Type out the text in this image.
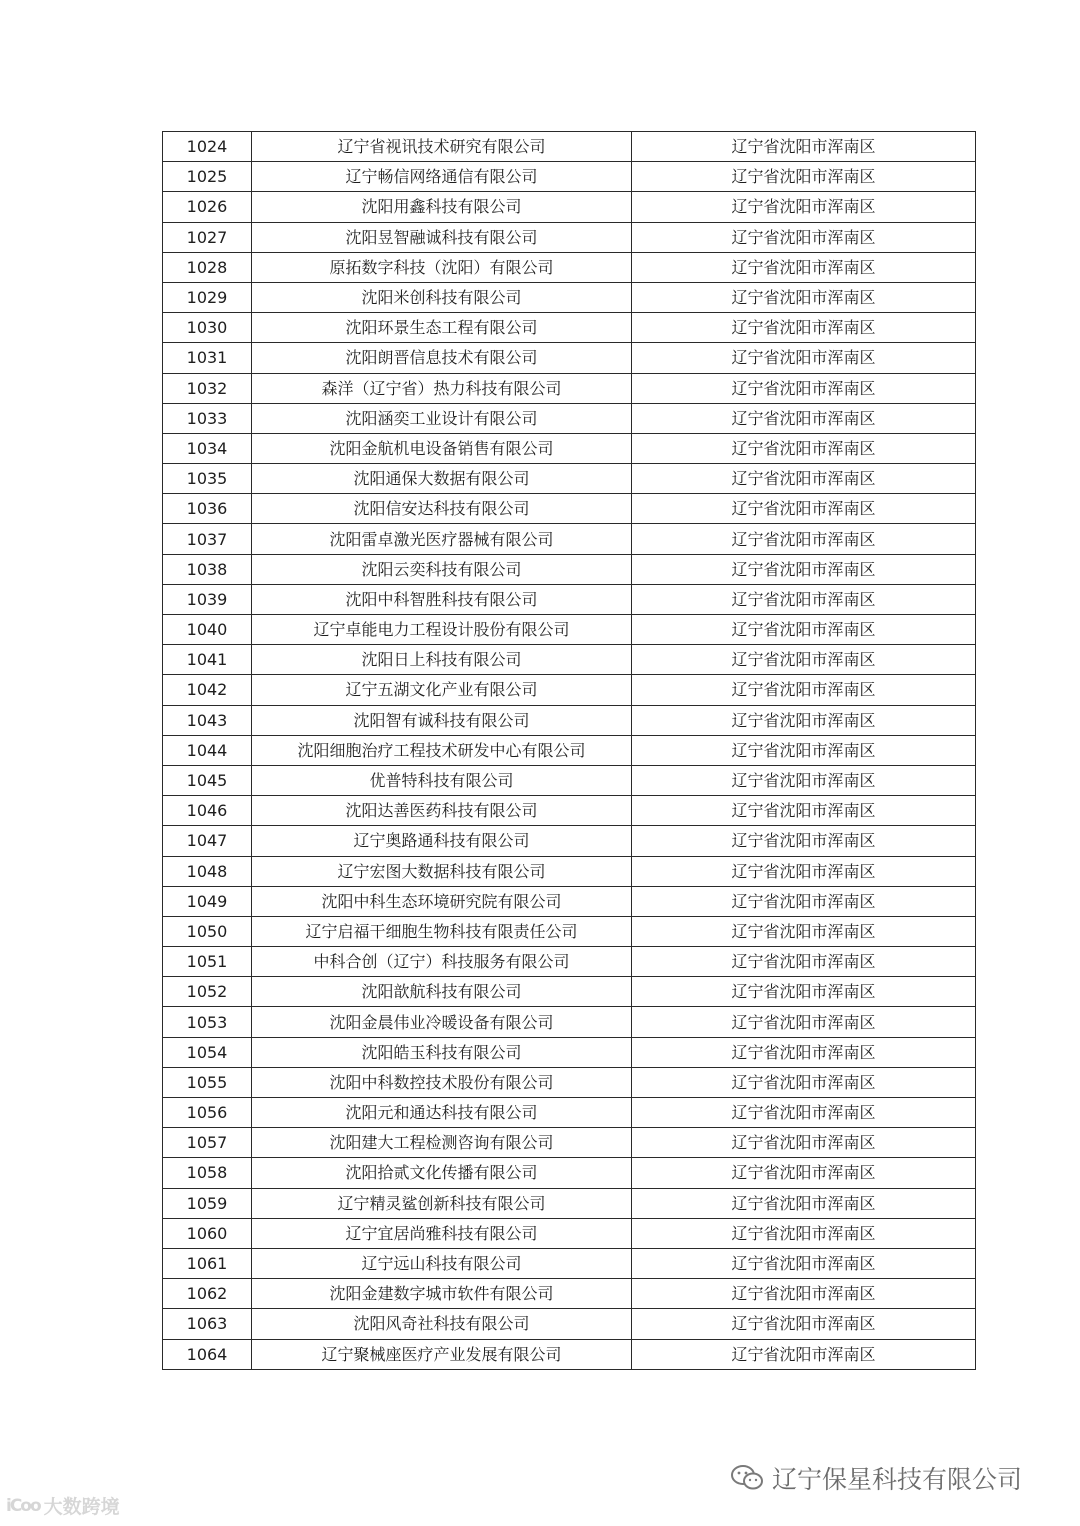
1024	辽宁省视讯技术研究有限公司	辽宁省沈阳市浑南区
1025	辽宁畅信网络通信有限公司	辽宁省沈阳市浑南区
1026	沈阳用鑫科技有限公司	辽宁省沈阳市浑南区
1027	沈阳昱智融诚科技有限公司	辽宁省沈阳市浑南区
1028	原拓数字科技（沈阳）有限公司	辽宁省沈阳市浑南区
1029	沈阳米创科技有限公司	辽宁省沈阳市浑南区
1030	沈阳环景生态工程有限公司	辽宁省沈阳市浑南区
1031	沈阳朗晋信息技术有限公司	辽宁省沈阳市浑南区
1032	森洋（辽宁省）热力科技有限公司	辽宁省沈阳市浑南区
1033	沈阳涵奕工业设计有限公司	辽宁省沈阳市浑南区
1034	沈阳金航机电设备销售有限公司	辽宁省沈阳市浑南区
1035	沈阳通保大数据有限公司	辽宁省沈阳市浑南区
1036	沈阳信安达科技有限公司	辽宁省沈阳市浑南区
1037	沈阳雷卓激光医疗器械有限公司	辽宁省沈阳市浑南区
1038	沈阳云奕科技有限公司	辽宁省沈阳市浑南区
1039	沈阳中科智胜科技有限公司	辽宁省沈阳市浑南区
1040	辽宁卓能电力工程设计股份有限公司	辽宁省沈阳市浑南区
1041	沈阳日上科技有限公司	辽宁省沈阳市浑南区
1042	辽宁五湖文化产业有限公司	辽宁省沈阳市浑南区
1043	沈阳智有诚科技有限公司	辽宁省沈阳市浑南区
1044	沈阳细胞治疗工程技术研发中心有限公司	辽宁省沈阳市浑南区
1045	优普特科技有限公司	辽宁省沈阳市浑南区
1046	沈阳达善医药科技有限公司	辽宁省沈阳市浑南区
1047	辽宁奥路通科技有限公司	辽宁省沈阳市浑南区
1048	辽宁宏图大数据科技有限公司	辽宁省沈阳市浑南区
1049	沈阳中科生态环境研究院有限公司	辽宁省沈阳市浑南区
1050	辽宁启福干细胞生物科技有限责任公司	辽宁省沈阳市浑南区
1051	中科合创（辽宁）科技服务有限公司	辽宁省沈阳市浑南区
1052	沈阳歆航科技有限公司	辽宁省沈阳市浑南区
1053	沈阳金晨伟业冷暖设备有限公司	辽宁省沈阳市浑南区
1054	沈阳皓玉科技有限公司	辽宁省沈阳市浑南区
1055	沈阳中科数控技术股份有限公司	辽宁省沈阳市浑南区
1056	沈阳元和通达科技有限公司	辽宁省沈阳市浑南区
1057	沈阳建大工程检测咨询有限公司	辽宁省沈阳市浑南区
1058	沈阳拾贰文化传播有限公司	辽宁省沈阳市浑南区
1059	辽宁精灵鲨创新科技有限公司	辽宁省沈阳市浑南区
1060	辽宁宜居尚雅科技有限公司	辽宁省沈阳市浑南区
1061	辽宁远山科技有限公司	辽宁省沈阳市浑南区
1062	沈阳金建数字城市软件有限公司	辽宁省沈阳市浑南区
1063	沈阳风奇社科技有限公司	辽宁省沈阳市浑南区
1064	辽宁聚械座医疗产业发展有限公司	辽宁省沈阳市浑南区
iCoo 大数跨境
辽宁保星科技有限公司
